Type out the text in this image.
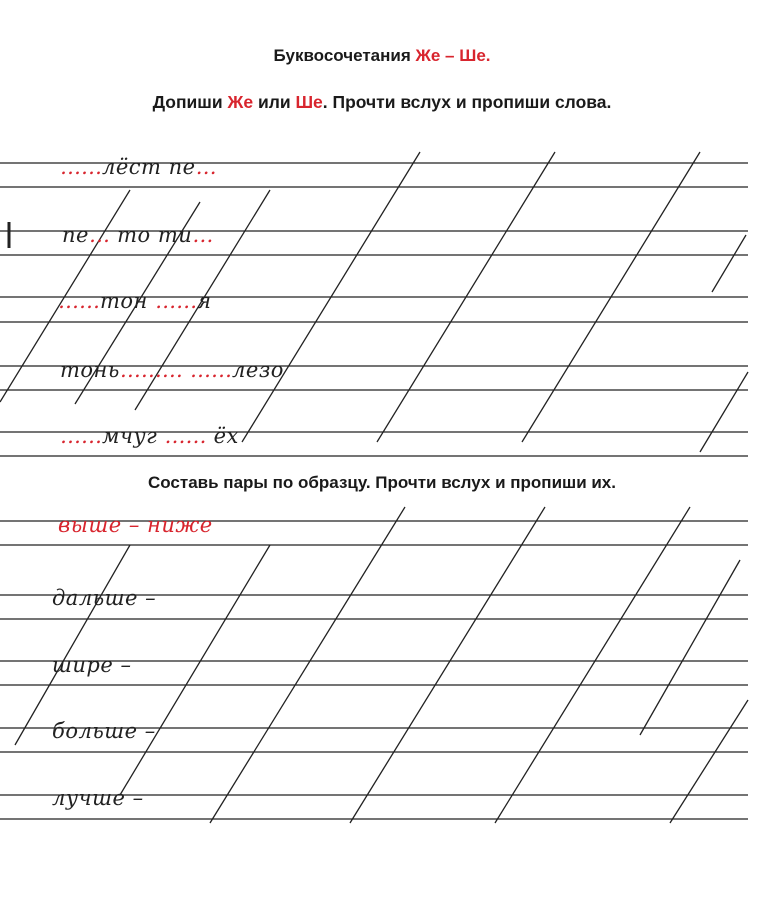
Буквосочетания Же – Ше.
Допиши Же или Ше. Прочти вслух и пропиши слова.
……лёст пе…
пе… то ти…
……тон ……я
тонь……… ……лезо
……мчуг …… ёх
Составь пары по образцу. Прочти вслух и пропиши их.
выше – ниже
дальше –
шире –
больше –
лучше –
